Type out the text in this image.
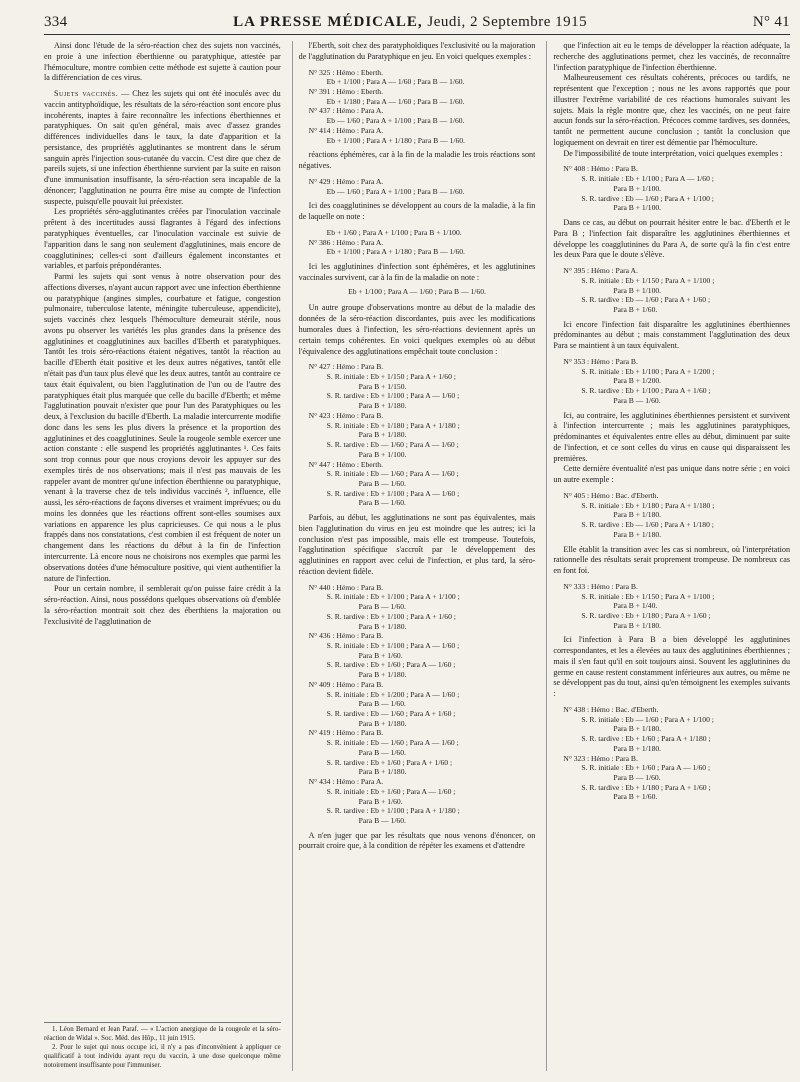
334	LA PRESSE MÉDICALE, Jeudi, 2 Septembre 1915	N° 41

Ainsi donc l'étude de la séro-réaction chez des sujets non vaccinés, en proie à une infection éberthienne ou paratyphique, attestée par l'hémoculture, montre combien cette méthode est sujette à caution pour la différenciation de ces virus.

Sujets vaccinés. — Chez les sujets qui ont été inoculés avec du vaccin antityphoïdique, les résultats de la séro-réaction sont encore plus incohérents, inaptes à faire reconnaître les infections éberthiennes et paratyphiques. On sait qu'en général, mais avec d'assez grandes différences individuelles dans le taux, la date d'apparition et la persistance, des propriétés agglutinantes se montrent dans le sérum sanguin après l'injection sous-cutanée du vaccin. C'est dire que chez de pareils sujets, si une infection éberthienne survient par la suite en raison d'une immunisation insuffisante, la séro-réaction sera incapable de la dénoncer; l'agglutination ne pourra être mise au compte de l'infection suspecte, puisqu'elle pouvait lui préexister.

Les propriétés séro-agglutinantes créées par l'inoculation vaccinale prêtent à des incertitudes aussi flagrantes à l'égard des infections paratyphiques éventuelles, car l'inoculation vaccinale est suivie de l'apparition dans le sang non seulement d'agglutinines, mais encore de coagglutinines; celles-ci sont d'ailleurs également inconstantes et variables, et parfois prépondérantes.

Parmi les sujets qui sont venus à notre observation pour des affections diverses, n'ayant aucun rapport avec une infection éberthienne ou paratyphique (angines simples, courbature et fatigue, congestion pulmonaire, tuberculose latente, méningite tuberculeuse, appendicite), sujets vaccinés chez lesquels l'hémoculture demeurait stérile, nous avons pu observer les variétés les plus grandes dans la présence des agglutinines et coagglutinines aux bacilles d'Eberth et paratyphiques. Tantôt les trois séro-réactions étaient négatives, tantôt la réaction au bacille d'Eberth était positive et les deux autres négatives, tantôt elle n'était pas d'un taux plus élevé que les deux autres, tantôt au contraire ce taux était équivalent, ou bien l'agglutination de l'un ou de l'autre des paratyphiques était plus marquée que celle du bacille d'Eberth; et même l'agglutination pouvait n'exister que pour l'un des Paratyphiques ou les deux, à l'exclusion du bacille d'Eberth. La maladie intercurrente modifie donc dans les sens les plus divers la présence et la proportion des agglutinines et des coagglutinines. Seule la rougeole semble exercer une action constante : elle suspend les propriétés agglutinantes ¹. Ces faits sont trop connus pour que nous croyions devoir les appuyer sur des exemples tirés de nos observations; mais il n'est pas mauvais de les rappeler avant de montrer qu'une infection éberthienne ou paratyphique, venant à la traverse chez de tels individus vaccinés ², influence, elle aussi, les séro-réactions de façons diverses et vraiment imprévues; ou du moins les données que les réactions offrent sont-elles soumises aux variations en apparence les plus capricieuses. Ce qui nous a le plus frappés dans nos constatations, c'est combien il est fréquent de noter un changement dans les réactions du début à la fin de l'infection intercurrente. Là encore nous ne choisirons nos exemples que parmi les observations dotées d'une hémoculture positive, qui vient authentifier la nature de l'infection.

Pour un certain nombre, il semblerait qu'on puisse faire crédit à la séro-réaction. Ainsi, nous possédons quelques observations où d'emblée la séro-réaction montrait soit chez des éberthiens la majoration ou l'exclusivité de l'agglutination de

1. Léon Bernard et Jean Paraf. — « L'action anergique de la rougeole et la séro-réaction de Widal ». Soc. Méd. des Hôp., 11 juin 1915.
2. Pour le sujet qui nous occupe ici, il n'y a pas d'inconvénient à appliquer ce qualificatif à tout individu ayant reçu du vaccin, à une dose quelconque même notoirement insuffisante pour l'immuniser.

l'Eberth, soit chez des paratyphoïdiques l'exclusivité ou la majoration de l'agglutination du Paratyphique en jeu. En voici quelques exemples :

N° 325 : Hémo : Eberth.
Eb + 1/100 ; Para A — 1/60 ; Para B — 1/60.
N° 391 : Hémo : Eberth.
Eb + 1/180 ; Para A — 1/60 ; Para B — 1/60.
N° 437 : Hémo : Para A.
Eb — 1/60 ; Para A + 1/100 ; Para B — 1/60.
N° 414 : Hémo : Para A.
Eb + 1/100 ; Para A + 1/180 ; Para B — 1/60.

réactions éphémères, car à la fin de la maladie les trois réactions sont négatives.

N° 429 : Hémo : Para A.
Eb — 1/60 ; Para A + 1/100 ; Para B — 1/60.

Ici des coagglutinines se développent au cours de la maladie, à la fin de laquelle on note :

Eb + 1/60 ; Para A + 1/100 ; Para B + 1/100.
N° 386 : Hémo : Para A.
Eb + 1/100 ; Para A + 1/180 ; Para B — 1/60.

Ici les agglutinines d'infection sont éphémères, et les agglutinines vaccinales survivent, car à la fin de la maladie on note :

Eb + 1/100 ; Para A — 1/60 ; Para B — 1/60.

Un autre groupe d'observations montre au début de la maladie des données de la séro-réaction discordantes, puis avec les modifications humorales dues à l'infection, les séro-réactions deviennent après un certain temps cohérentes. En voici quelques exemples où au début l'équivalence des agglutinations empêchait toute conclusion :

N° 427 : Hémo : Para B.
S. R. initiale : Eb + 1/150 ; Para A + 1/60 ;
Para B + 1/150.
S. R. tardive : Eb + 1/100 ; Para A — 1/60 ;
Para B + 1/180.
N° 423 : Hémo : Para B.
S. R. initiale : Eb + 1/180 ; Para A + 1/180 ;
Para B + 1/180.
S. R. tardive : Eb — 1/60 ; Para A — 1/60 ;
Para B + 1/100.
N° 447 : Hémo : Eberth.
S. R. initiale : Eb — 1/60 ; Para A — 1/60 ;
Para B — 1/60.
S. R. tardive : Eb + 1/100 ; Para A — 1/60 ;
Para B — 1/60.

Parfois, au début, les agglutinations ne sont pas équivalentes, mais bien l'agglutination du virus en jeu est moindre que les autres; ici la conclusion n'est pas impossible, mais elle est trompeuse. Toutefois, l'agglutination spécifique s'accroît par le développement des agglutinines en rapport avec celui de l'infection, et plus tard, la séro-réaction devient fidèle.

N° 440 : Hémo : Para B.
S. R. initiale : Eb + 1/100 ; Para A + 1/100 ;
Para B — 1/60.
S. R. tardive : Eb + 1/100 ; Para A + 1/60 ;
Para B + 1/180.
N° 436 : Hémo : Para B.
S. R. initiale : Eb + 1/100 ; Para A — 1/60 ;
Para B + 1/60.
S. R. tardive : Eb + 1/60 ; Para A — 1/60 ;
Para B + 1/180.
N° 409 : Hémo : Para B.
S. R. initiale : Eb + 1/200 ; Para A — 1/60 ;
Para B — 1/60.
S. R. tardive : Eb — 1/60 ; Para A + 1/60 ;
Para B + 1/180.
N° 419 : Hémo : Para B.
S. R. initiale : Eb — 1/60 ; Para A — 1/60 ;
Para B — 1/60.
S. R. tardive : Eb + 1/60 ; Para A + 1/60 ;
Para B + 1/180.
N° 434 : Hémo : Para A.
S. R. initiale : Eb + 1/60 ; Para A — 1/60 ;
Para B + 1/60.
S. R. tardive : Eb + 1/100 ; Para A + 1/180 ;
Para B — 1/60.

A n'en juger que par les résultats que nous venons d'énoncer, on pourrait croire que, à la condition de répéter les examens et d'attendre

que l'infection ait eu le temps de développer la réaction adéquate, la recherche des agglutinations permet, chez les vaccinés, de reconnaître l'infection paratyphique de l'infection éberthienne.

Malheureusement ces résultats cohérents, précoces ou tardifs, ne représentent que l'exception ; nous ne les avons rapportés que pour illustrer l'extrême variabilité de ces réactions humorales suivant les sujets. Mais la règle montre que, chez les vaccinés, on ne peut faire aucun fonds sur la séro-réaction. Précoces comme tardives, ses données, tantôt ne permettent aucune conclusion ; tantôt la conclusion que logiquement on devrait en tirer est démentie par l'hémoculture.

De l'impossibilité de toute interprétation, voici quelques exemples :

N° 408 : Hémo : Para B.
S. R. initiale : Eb + 1/100 ; Para A — 1/60 ;
Para B + 1/100.
S. R. tardive : Eb — 1/60 ; Para A + 1/100 ;
Para B + 1/100.

Dans ce cas, au début on pourrait hésiter entre le bac. d'Eberth et le Para B ; l'infection fait disparaître les agglutinines éberthiennes et développe les coagglutinines du Para A, de sorte qu'à la fin c'est entre les deux Para que le doute s'élève.

N° 395 : Hémo : Para A.
S. R. initiale : Eb + 1/150 ; Para A + 1/100 ;
Para B + 1/100.
S. R. tardive : Eb — 1/60 ; Para A + 1/60 ;
Para B + 1/60.

Ici encore l'infection fait disparaître les agglutinines éberthiennes prédominantes au début ; mais constamment l'agglutination des deux Para se maintient à un taux équivalent.

N° 353 : Hémo : Para B.
S. R. initiale : Eb + 1/100 ; Para A + 1/200 ;
Para B + 1/200.
S. R. tardive : Eb + 1/100 ; Para A + 1/60 ;
Para B — 1/60.

Ici, au contraire, les agglutinines éberthiennes persistent et survivent à l'infection intercurrente ; mais les agglutinines paratyphiques, prédominantes et équivalentes entre elles au début, diminuent par suite de l'infection, et ce sont celles du virus en cause qui disparaissent les premières.

Cette dernière éventualité n'est pas unique dans notre série ; en voici un autre exemple :

N° 405 : Hémo : Bac. d'Eberth.
S. R. initiale : Eb + 1/180 ; Para A + 1/180 ;
Para B + 1/180.
S. R. tardive : Eb — 1/60 ; Para A + 1/180 ;
Para B + 1/180.

Elle établit la transition avec les cas si nombreux, où l'interprétation rationnelle des résultats serait proprement trompeuse. De nombreux cas en font foi.

N° 333 : Hémo : Para B.
S. R. initiale : Eb + 1/150 ; Para A + 1/100 ;
Para B + 1/40.
S. R. tardive : Eb + 1/180 ; Para A + 1/60 ;
Para B + 1/180.

Ici l'infection à Para B a bien développé les agglutinines correspondantes, et les a élevées au taux des agglutinines éberthiennes ; mais il s'en faut qu'il en soit toujours ainsi. Souvent les agglutinines du germe en cause restent constamment inférieures aux autres, ou même ne se développent pas du tout, ainsi qu'en témoignent les exemples suivants :

N° 438 : Hémo : Bac. d'Eberth.
S. R. initiale : Eb — 1/60 ; Para A + 1/100 ;
Para B + 1/180.
S. R. tardive : Eb + 1/60 ; Para A + 1/180 ;
Para B + 1/180.
N° 323 : Hémo : Para B.
S. R. initiale : Eb + 1/60 ; Para A — 1/60 ;
Para B — 1/60.
S. R. tardive : Eb + 1/180 ; Para A + 1/60 ;
Para B + 1/60.
